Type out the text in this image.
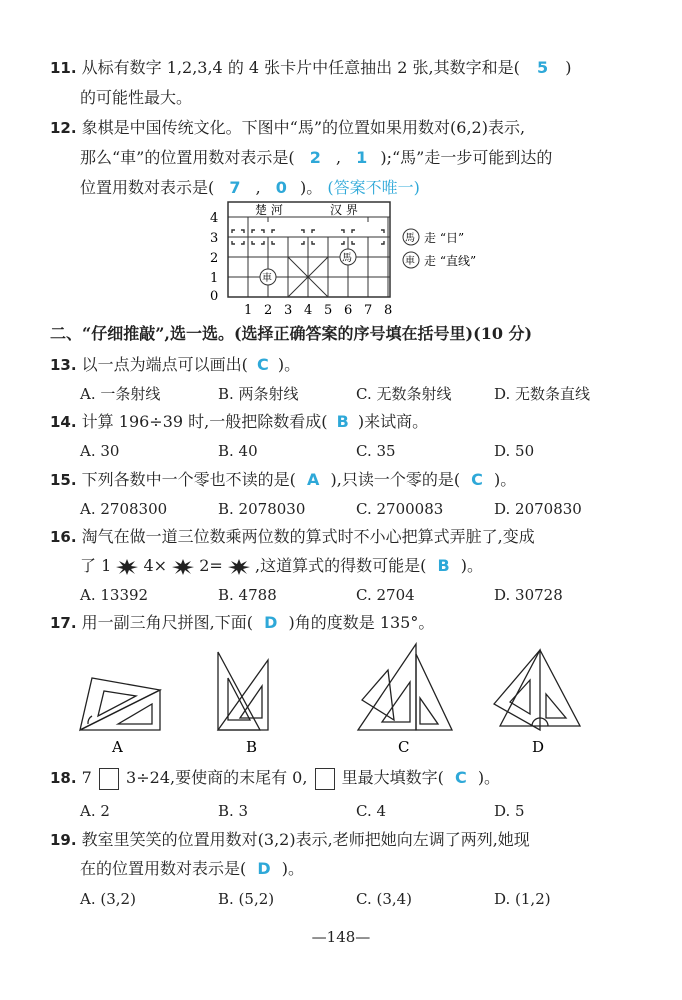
11. 从标有数字 1,2,3,4 的 4 张卡片中任意抽出 2 张,其数字和是( 5 )
的可能性最大。
12. 象棋是中国传统文化。下图中“馬”的位置如果用数对(6,2)表示,
那么“車”的位置用数对表示是( 2 , 1 );“馬”走一步可能到达的
位置用数对表示是( 7 , 0 )。 (答案不唯一)
4
3
2
1
0
楚 河	汉 界
車
馬
1 2 3 4 5 6 7 8
馬 走 “日”
車 走 “直线”
二、“仔细推敲”,选一选。(选择正确答案的序号填在括号里)(10 分)
13. 以一点为端点可以画出( C )。
A. 一条射线	B. 两条射线	C. 无数条射线	D. 无数条直线
14. 计算 196÷39 时,一般把除数看成( B )来试商。
A. 30	B. 40	C. 35	D. 50
15. 下列各数中一个零也不读的是( A ),只读一个零的是( C )。
A. 2708300	B. 2078030	C. 2700083	D. 2070830
16. 淘气在做一道三位数乘两位数的算式时不小心把算式弄脏了,变成
了 1 4× 2= ,这道算式的得数可能是( B )。
A. 13392	B. 4788	C. 2704	D. 30728
17. 用一副三角尺拼图,下面( D )角的度数是 135°。
A	B	C	D
18. 7 3÷24,要使商的末尾有 0, 里最大填数字( C )。
A. 2	B. 3	C. 4	D. 5
19. 教室里笑笑的位置用数对(3,2)表示,老师把她向左调了两列,她现
在的位置用数对表示是( D )。
A. (3,2)	B. (5,2)	C. (3,4)	D. (1,2)
—148—
